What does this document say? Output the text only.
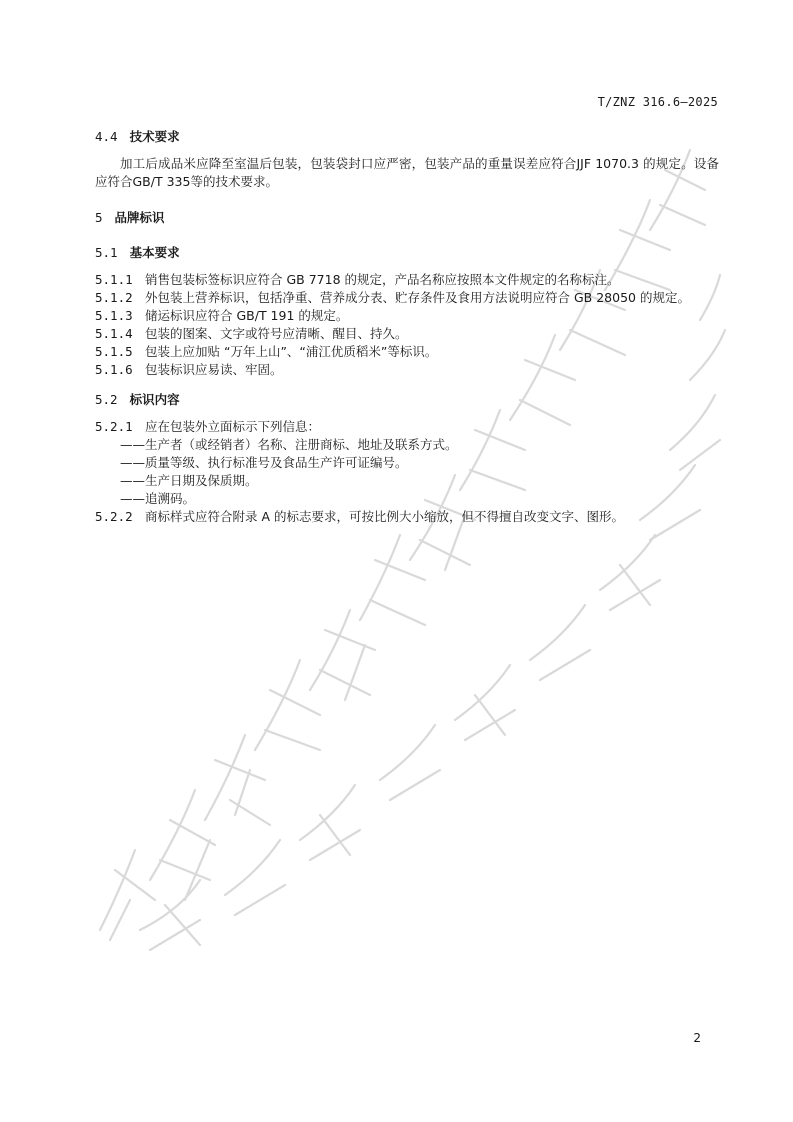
T/ZNZ 316.6—2025

4.4 技术要求

加工后成品米应降至室温后包装，包装袋封口应严密，包装产品的重量误差应符合JJF 1070.3 的规定。设备应符合GB/T 335等的技术要求。

5 品牌标识

5.1 基本要求

5.1.1 销售包装标签标识应符合 GB 7718 的规定，产品名称应按照本文件规定的名称标注。

5.1.2 外包装上营养标识，包括净重、营养成分表、贮存条件及食用方法说明应符合 GB 28050 的规定。

5.1.3 储运标识应符合 GB/T 191 的规定。

5.1.4 包装的图案、文字或符号应清晰、醒目、持久。

5.1.5 包装上应加贴 “万年上山”、“浦江优质稻米”等标识。

5.1.6 包装标识应易读、牢固。

5.2 标识内容

5.2.1 应在包装外立面标示下列信息：

——生产者（或经销者）名称、注册商标、地址及联系方式。

——质量等级、执行标准号及食品生产许可证编号。

——生产日期及保质期。

——追溯码。

5.2.2 商标样式应符合附录 A 的标志要求，可按比例大小缩放，但不得擅自改变文字、图形。

2
